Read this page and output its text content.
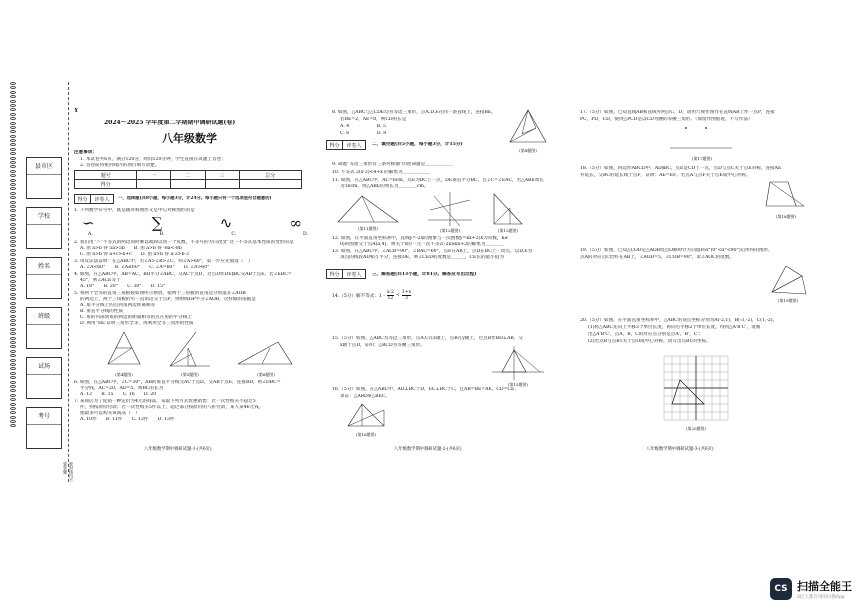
县市区
学校
姓名
班级
试场
考号
密封线内不要答题
Y
2024～2025 学年度第二学期期中调研试题(卷)
八年级数学
注意事项：
1. 本试卷共6页，满分120分，时间120分钟，学生直接在试题上答卷；
2. 答卷前将密封线内的项目填写清楚。
题号	一	二	三	总分
得分				
得分	评卷人 一、选择题(共8小题，每小题3分，计24分。每小题只有一个选项是符合题意的)
1. 下列数学符号中，既是轴对称图形又是中心对称图形的是
∽	∑	∿	∞
A.	B.	C.	D.
2. 我们用“＞”不等式的两边同时乘以或除以同一个负数，不等号的方向改变”这一不等式基本性质的变形的是
A. 由 a>b 得 5a>5b　　B. 由 a>b 得 -8a<-8b
C. 由 a>b 得 a+c>b+c　　D. 由 a>b 得 a-3>b-3
3. 用反证法证明：在△ABC中，若∠A>∠B>∠C，则∠A>60°，第一步应先假设（　）
A. ∠A<60°　　B. ∠A≤60°　　C. ∠A=60°　　D. ∠A>60°
4. 如图，在△ABC中，AB=AC，BD平分∠ABC，交AC于点D，过点D作DE∥BC交AB于点E。若∠EBC=
45°，则∠ACE等于
A. 18°　　B. 20°　　C. 30°　　D. 15°
5. 将两个全等的直角三角板按如图所示摆放，使两个三角板的直角边分别落在∠AOB
的两边上，两个三角板的另一直角边交于点P，则射线OP平分∠AOB，这样做的依据是
A. 角平分线上的点到角两边距离相等
B. 垂直平分线的性质
C. 角的内部到角的两边的距离相等的点在角的平分线上
D. 利用“HL”证明三角形全等，再利用全等三角形的性质
(第4题图)	(第5题图)	(第6题图)
6. 如图，在△ABC中，∠C=30°，AB的垂直平分线交AC于点D，交AB于点E，连接BD，则∠DBC=
平分线，AC=20，AD=5，则BC的长为
A. 12　　B. 15　　C. 16　　D. 20
7. 某商店为了促销一种定价为4元的商品，采取下列方式优惠销售：若一次性购买不超过5
件，则按原价付款；若一次性购买5件以上，超过部分按原价的八折付款，某人拿46元钱，
他最多可以购买该商品（　）
A. 10件　　B. 11件　　C. 12件　　D. 13件
八年级数学期中调研试题-1-(共6页)
8. 如图，△ABC与△CDE均为等边三角形，点A,D,E在同一条直线上，连接BE。
若BE=2，AE=8，则CD的长是
A. 4　　　　　　B. 5
C. 6　　　　　　D. 8
(第8题图)
得分	评卷人 二、填空题(共5小题，每小题3分，计15分)
9. 命题“等边三角形有三条对称轴”的逆命题是＿＿＿＿＿＿
10. 不等式 2(x-3)<4+x 的解集为＿＿＿＿＿＿
11. 如图，在△ABC中，AC=6cm，点E为BC上一点，DE垂直平分BC，且∠C=∠EAC，若△ABE周长
为16cm，则△ABE的周长为＿＿＿＿cm。
(第11题图)	(第12题图)	(第13题图)
12. 如图，在平面直角坐标系中，直线y=-2x的图象与一次函数y=kx+2(k为常数，k≠
0)的图象交于点A(a,4)，则关于x的一元一次不等式-2x≥kx+2的解集为＿＿＿＿
13. 如图，在△ABC中，∠ACB=90°，∠BAC=60°，点E在AB上，点D在BC上一动点，以D,E为
顶点的线段AD相互平分，连接DE，则∠CED的度数是＿＿＿，CE长的最小值为
得分	评卷人 三、解答题(共13小题，计81分。解答应写出过程)
14.（5分）解不等式：$1 - \frac{x-2}{12} < \frac{1+x}{3}$
15.（5分）如图，△ABC为等边三角形，点A,C在x轴上，点B在y轴上，过点B作BD⊥AB，交
x轴于点D，证明：△BCD为等腰三角形。
(第15题图)
16.（5分）如图，在△ABC中，AD⊥BC于D，EC⊥BC于C，且AB=BE=AE，CD=CE，
求证：△ABD≌△BEC。
(第16题图)
八年级数学期中调研试题-2-(共6页)
17.（5分）如图，已知直线AB和直线外两点C，D，请用尺规作图作在直线AB上作一点P，连接
PC，PD，CD，使得△PCD是以CD为腰的等腰三角形。（保留作图痕迹，不写作法）
(第17题图)
18.（5分）如图，四边形ABCD中，AD∥BC，点E是CD上一点，点D与点C关于点E对称，连接AE
并延长，交BC的延长线于点F，证明：AE=EF。若点A与点F关于点E成中心对称。
(第18题图)
19.（5分）如图，已知△COD是△AOB绕点O顺时针方向旋转α°(0°<α°<90°)后所得的图形，
点A的对应点C恰好在AB上，∠AOD=5，∠COB=90°，求∠AOC的度数。
(第19题图)
20.（5分）如图，在平面直角坐标系中，△ABC的顶点坐标分别为A(-2,1)，B(-3,-2)，C(1,-2)。
(1)将△ABC先向上平移3个单位长度，再向右平移2个单位长度，得到△A'B'C'，请画
出△A'B'C'，点A，B，C的对应点分别是点A'，B'，C'；
(2)若点B与点B1关于点O成中心对称，请写出点B1的坐标。
(第20题图)
八年级数学期中调研试题-3-(共6页)
CS 扫描全能王
3亿人都在用的扫描App
